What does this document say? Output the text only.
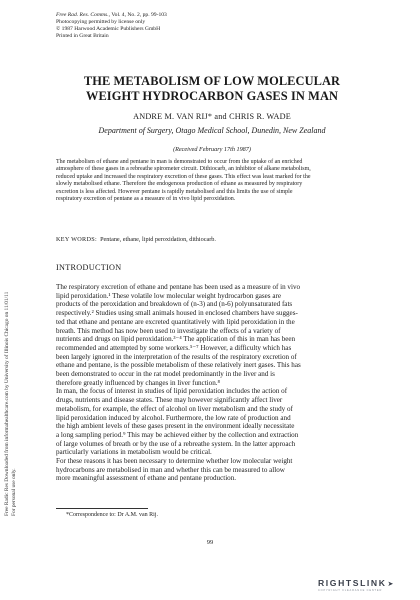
Free Rad. Res. Comms., Vol. 4, No. 2, pp. 99-103
Photocopying permitted by license only
© 1987 Harwood Academic Publishers GmbH
Printed in Great Britain
THE METABOLISM OF LOW MOLECULAR
WEIGHT HYDROCARBON GASES IN MAN
ANDRE M. VAN RIJ* and CHRIS R. WADE
Department of Surgery, Otago Medical School, Dunedin, New Zealand
(Received February 17th 1987)
The metabolism of ethane and pentane in man is demonstrated to occur from the uptake of an enriched
atmosphere of these gases in a rebreathe spirometer circuit. Dithiocarb, an inhibitor of alkane metabolism,
reduced uptake and increased the respiratory excretion of these gases. This effect was least marked for the
slowly metabolised ethane. Therefore the endogenous production of ethane as measured by respiratory
excretion is less affected. However pentane is rapidly metabolised and this limits the use of simple
respiratory excretion of pentane as a measure of in vivo lipid peroxidation.
KEY WORDS: Pentane, ethane, lipid peroxidation, dithiocarb.
INTRODUCTION
The respiratory excretion of ethane and pentane has been used as a measure of in vivo
lipid peroxidation.¹ These volatile low molecular weight hydrocarbon gases are
products of the peroxidation and breakdown of (n-3) and (n-6) polyunsaturated fats
respectively.² Studies using small animals housed in enclosed chambers have sugges-
ted that ethane and pentane are excreted quantitatively with lipid peroxidation in the
breath. This method has now been used to investigate the effects of a variety of
nutrients and drugs on lipid peroxidation.³⁻⁴ The application of this in man has been
recommended and attempted by some workers.⁵⁻⁷ However, a difficulty which has
been largely ignored in the interpretation of the results of the respiratory excretion of
ethane and pentane, is the possible metabolism of these relatively inert gases. This has
been demonstrated to occur in the rat model predominantly in the liver and is
therefore greatly influenced by changes in liver function.⁸
In man, the focus of interest in studies of lipid peroxidation includes the action of
drugs, nutrients and disease states. These may however significantly affect liver
metabolism, for example, the effect of alcohol on liver metabolism and the study of
lipid peroxidation induced by alcohol. Furthermore, the low rate of production and
the high ambient levels of these gases present in the environment ideally necessitate
a long sampling period.⁹ This may be achieved either by the collection and extraction
of large volumes of breath or by the use of a rebreathe system. In the latter approach
particularly variations in metabolism would be critical.
For these reasons it has been necessary to determine whether low molecular weight
hydrocarbons are metabolised in man and whether this can be measured to allow
more meaningful assessment of ethane and pentane production.
*Correspondence to: Dr A.M. van Rij.
99
Free Radic Res Downloaded from informahealthcare.com by University of Illinois Chicago on 11/01/11 For personal use only.
RIGHTSLINK➤
COPYRIGHT CLEARANCE CENTER
